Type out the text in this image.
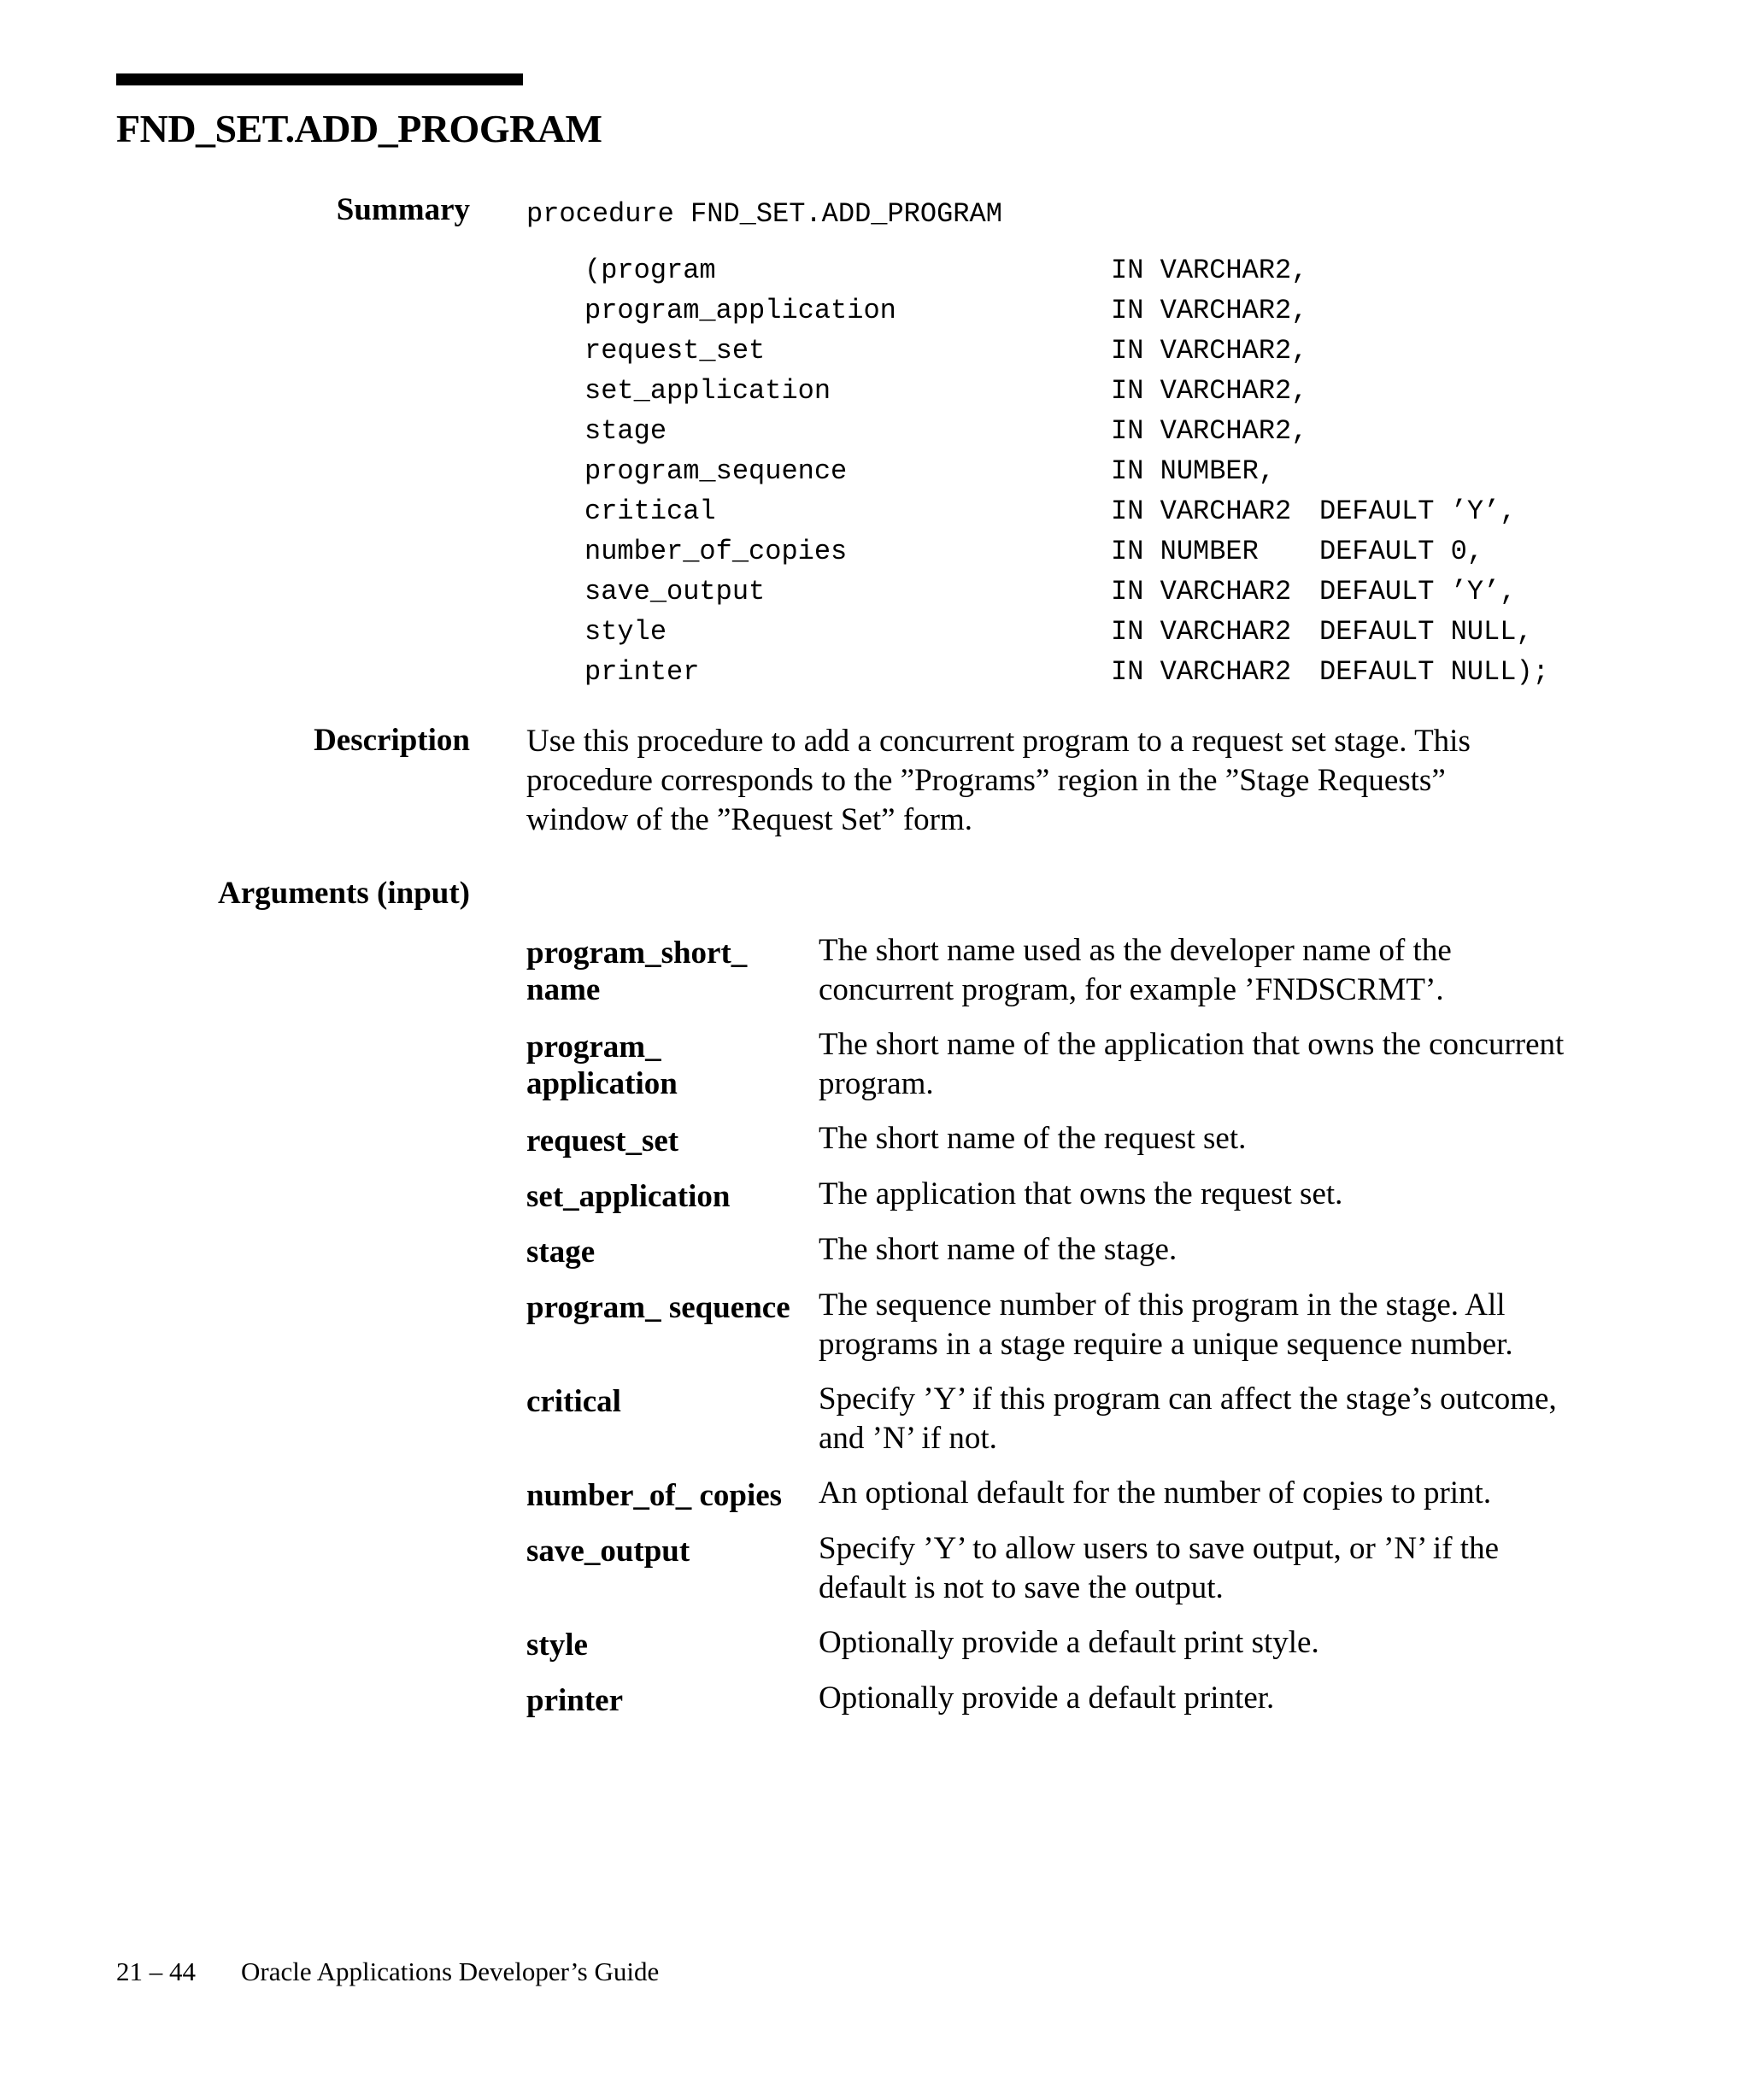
FND_SET.ADD_PROGRAM
Summary procedure FND_SET.ADD_PROGRAM
(program	IN VARCHAR2,
program_application	IN VARCHAR2,
request_set	IN VARCHAR2,
set_application	IN VARCHAR2,
stage	IN VARCHAR2,
program_sequence	IN NUMBER,
critical	IN VARCHAR2 DEFAULT ’Y’,
number_of_copies	IN NUMBER DEFAULT 0,
save_output	IN VARCHAR2 DEFAULT ’Y’,
style	IN VARCHAR2 DEFAULT NULL,
printer	IN VARCHAR2 DEFAULT NULL);
Description Use this procedure to add a concurrent program to a request set stage. This procedure corresponds to the ”Programs” region in the ”Stage Requests” window of the ”Request Set” form.

Arguments (input)
program_short_ name
The short name used as the developer name of the concurrent program, for example ’FNDSCRMT’.
program_ application
The short name of the application that owns the concurrent program.
request_set	The short name of the request set.
set_application	The application that owns the request set.
stage	The short name of the stage.
program_ sequence The sequence number of this program in the stage. All programs in a stage require a unique sequence number.
critical	Specify ’Y’ if this program can affect the stage’s outcome, and ’N’ if not.
number_of_ copies	An optional default for the number of copies to print.
save_output	Specify ’Y’ to allow users to save output, or ’N’ if the default is not to save the output.
style	Optionally provide a default print style.
printer	Optionally provide a default printer.
21 – 44 Oracle Applications Developer’s Guide
